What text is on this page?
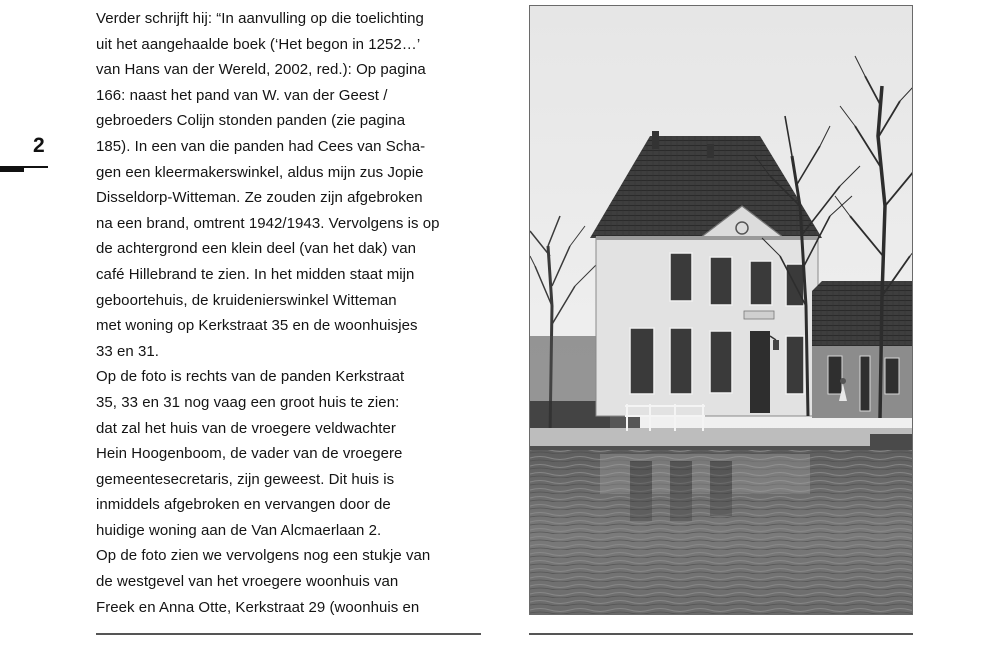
2
Verder schrijft hij: “In aanvulling op die toelichting
uit het aangehaalde boek (‘Het begon in 1252…’
van Hans van der Wereld, 2002, red.): Op pagina
166: naast het pand van W. van der Geest /
gebroeders Colijn stonden panden (zie pagina
185). In een van die panden had Cees van Scha-
gen een kleermakerswinkel, aldus mijn zus Jopie
Disseldorp-Witteman. Ze zouden zijn afgebroken
na een brand, omtrent 1942/1943. Vervolgens is op
de achtergrond een klein deel (van het dak) van
café Hillebrand te zien. In het midden staat mijn
geboortehuis, de kruidenierswinkel Witteman
met woning op Kerkstraat 35 en de woonhuisjes
33 en 31.
Op de foto is rechts van de panden Kerkstraat
35, 33 en 31 nog vaag een groot huis te zien:
dat zal het huis van de vroegere veldwachter
Hein Hoogenboom, de vader van de vroegere
gemeentesecretaris, zijn geweest. Dit huis is
inmiddels afgebroken en vervangen door de
huidige woning aan de Van Alcmaerlaan 2.
Op de foto zien we vervolgens nog een stukje van
de westgevel van het vroegere woonhuis van
Freek en Anna Otte, Kerkstraat 29 (woonhuis en
